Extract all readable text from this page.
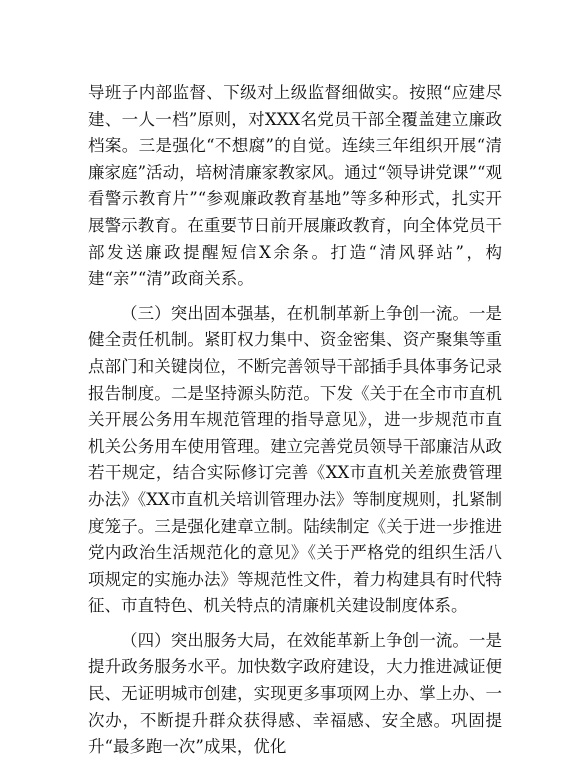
导班子内部监督、下级对上级监督细做实。按照“应建尽建、一人一档”原则，对XXX名党员干部全覆盖建立廉政档案。三是强化“不想腐”的自觉。连续三年组织开展“清廉家庭”活动，培树清廉家教家风。通过“领导讲党课”“观看警示教育片”“参观廉政教育基地”等多种形式，扎实开展警示教育。在重要节日前开展廉政教育，向全体党员干部发送廉政提醒短信X余条。打造“清风驿站”，构建“亲”“清”政商关系。

（三）突出固本强基，在机制革新上争创一流。一是健全责任机制。紧盯权力集中、资金密集、资产聚集等重点部门和关键岗位，不断完善领导干部插手具体事务记录报告制度。二是坚持源头防范。下发《关于在全市市直机关开展公务用车规范管理的指导意见》，进一步规范市直机关公务用车使用管理。建立完善党员领导干部廉洁从政若干规定，结合实际修订完善《XX市直机关差旅费管理办法》《XX市直机关培训管理办法》等制度规则，扎紧制度笼子。三是强化建章立制。陆续制定《关于进一步推进党内政治生活规范化的意见》《关于严格党的组织生活八项规定的实施办法》等规范性文件，着力构建具有时代特征、市直特色、机关特点的清廉机关建设制度体系。

（四）突出服务大局，在效能革新上争创一流。一是提升政务服务水平。加快数字政府建设，大力推进减证便民、无证明城市创建，实现更多事项网上办、掌上办、一次办，不断提升群众获得感、幸福感、安全感。巩固提升“最多跑一次”成果，优化
